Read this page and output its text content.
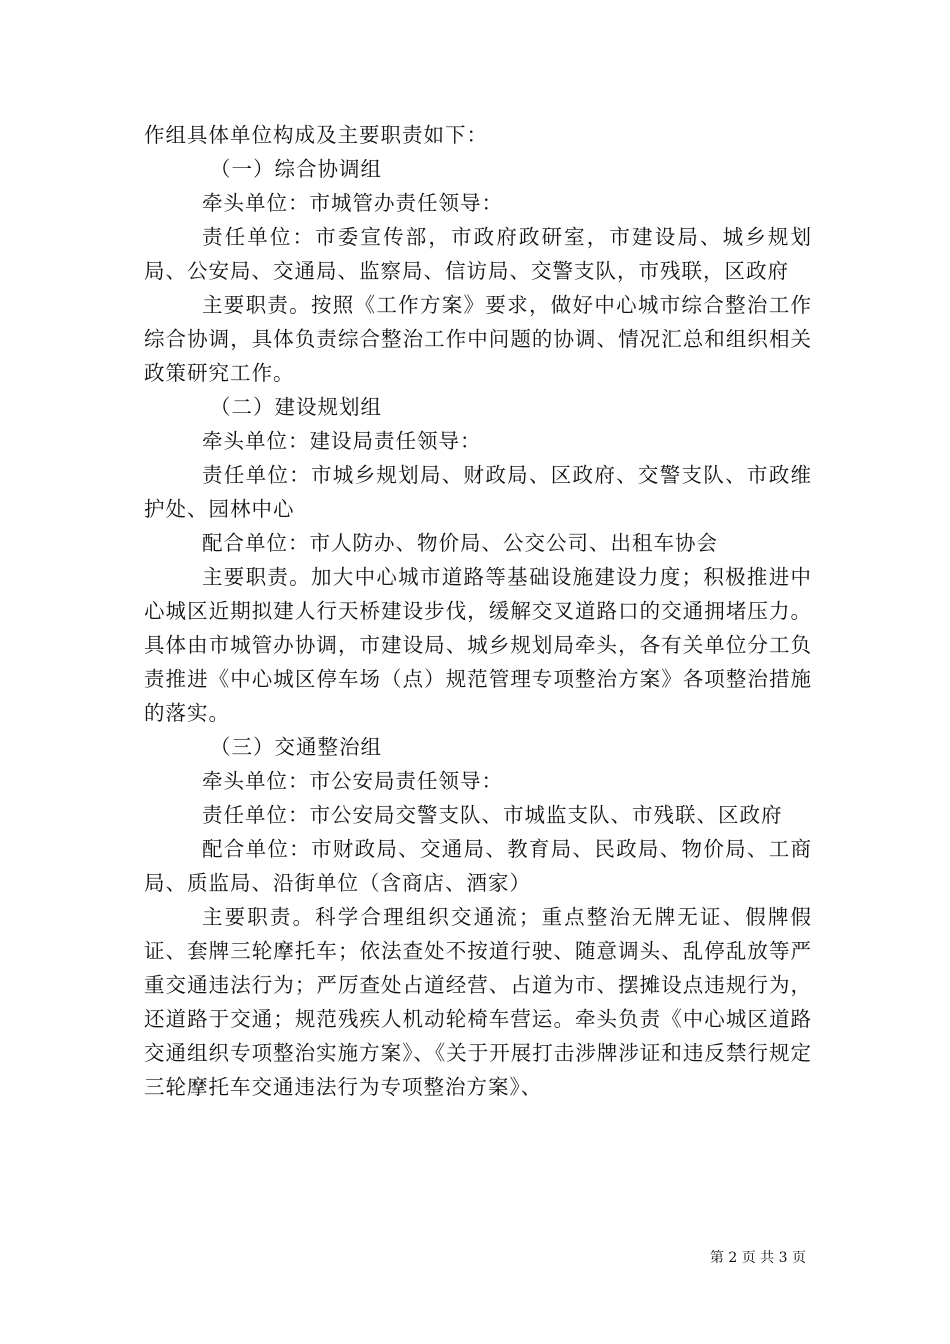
作组具体单位构成及主要职责如下：

（一）综合协调组

牵头单位：市城管办责任领导：

责任单位：市委宣传部，市政府政研室，市建设局、城乡规划局、公安局、交通局、监察局、信访局、交警支队，市残联，区政府

主要职责。按照《工作方案》要求，做好中心城市综合整治工作综合协调，具体负责综合整治工作中问题的协调、情况汇总和组织相关政策研究工作。

（二）建设规划组

牵头单位：建设局责任领导：

责任单位：市城乡规划局、财政局、区政府、交警支队、市政维护处、园林中心

配合单位：市人防办、物价局、公交公司、出租车协会

主要职责。加大中心城市道路等基础设施建设力度；积极推进中心城区近期拟建人行天桥建设步伐，缓解交叉道路口的交通拥堵压力。具体由市城管办协调，市建设局、城乡规划局牵头，各有关单位分工负责推进《中心城区停车场（点）规范管理专项整治方案》各项整治措施的落实。

（三）交通整治组

牵头单位：市公安局责任领导：

责任单位：市公安局交警支队、市城监支队、市残联、区政府

配合单位：市财政局、交通局、教育局、民政局、物价局、工商局、质监局、沿街单位（含商店、酒家）

主要职责。科学合理组织交通流；重点整治无牌无证、假牌假证、套牌三轮摩托车；依法查处不按道行驶、随意调头、乱停乱放等严重交通违法行为；严厉查处占道经营、占道为市、摆摊设点违规行为，还道路于交通；规范残疾人机动轮椅车营运。牵头负责《中心城区道路交通组织专项整治实施方案》、《关于开展打击涉牌涉证和违反禁行规定三轮摩托车交通违法行为专项整治方案》、

第 2 页 共 3 页
